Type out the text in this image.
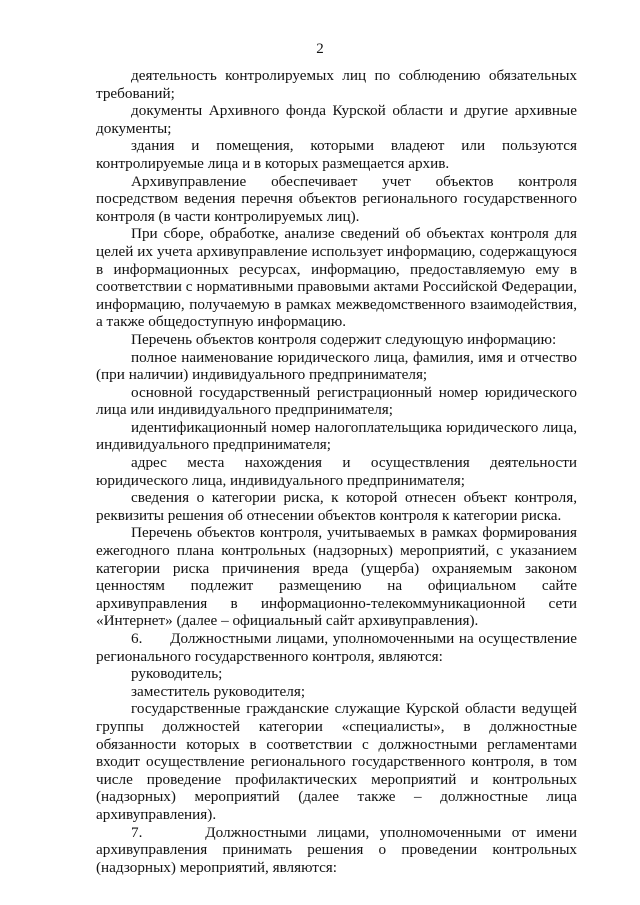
2

деятельность контролируемых лиц по соблюдению обязательных требований;

документы Архивного фонда Курской области и другие архивные документы;

здания и помещения, которыми владеют или пользуются контролируемые лица и в которых размещается архив.

Архивуправление обеспечивает учет объектов контроля посредством ведения перечня объектов регионального государственного контроля (в части контролируемых лиц).

При сборе, обработке, анализе сведений об объектах контроля для целей их учета архивуправление использует информацию, содержащуюся в информационных ресурсах, информацию, предоставляемую ему в соответствии с нормативными правовыми актами Российской Федерации, информацию, получаемую в рамках межведомственного взаимодействия, а также общедоступную информацию.

Перечень объектов контроля содержит следующую информацию:

полное наименование юридического лица, фамилия, имя и отчество (при наличии) индивидуального предпринимателя;

основной государственный регистрационный номер юридического лица или индивидуального предпринимателя;

идентификационный номер налогоплательщика юридического лица, индивидуального предпринимателя;

адрес места нахождения и осуществления деятельности юридического лица, индивидуального предпринимателя;

сведения о категории риска, к которой отнесен объект контроля, реквизиты решения об отнесении объектов контроля к категории риска.

Перечень объектов контроля, учитываемых в рамках формирования ежегодного плана контрольных (надзорных) мероприятий, с указанием категории риска причинения вреда (ущерба) охраняемым законом ценностям подлежит размещению на официальном сайте архивуправления в информационно-телекоммуникационной сети «Интернет» (далее – официальный сайт архивуправления).

6.      Должностными лицами, уполномоченными на осуществление регионального государственного контроля, являются:

руководитель;

заместитель руководителя;

государственные гражданские служащие Курской области ведущей группы должностей категории «специалисты», в должностные обязанности которых в соответствии с должностными регламентами входит осуществление регионального государственного контроля, в том числе проведение профилактических мероприятий и контрольных (надзорных) мероприятий (далее также – должностные лица архивуправления).

7.      Должностными лицами, уполномоченными от имени архивуправления принимать решения о проведении контрольных (надзорных) мероприятий, являются:
